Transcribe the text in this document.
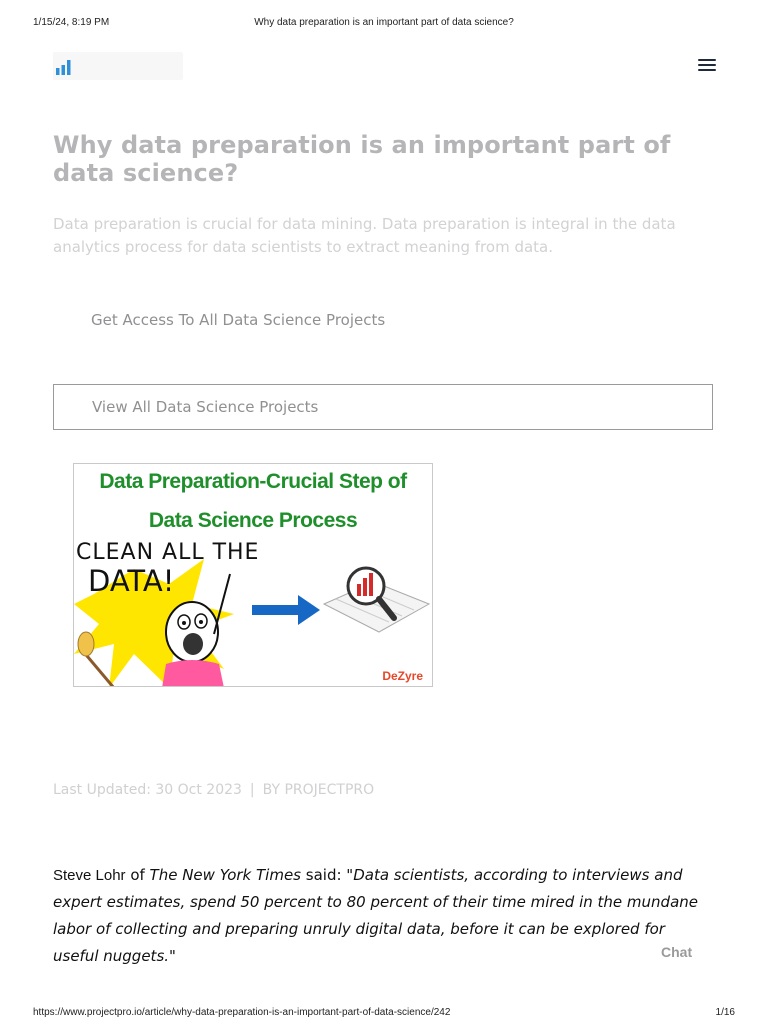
1/15/24, 8:19 PM	Why data preparation is an important part of data science?
Why data preparation is an important part of data science?

Data preparation is crucial for data mining. Data preparation is integral in the data analytics process for data scientists to extract meaning from data.

Get Access To All Data Science Projects
View All Data Science Projects
Data Preparation-Crucial Step of
Data Science Process
CLEAN ALL THE
DATA!
DeZyre
Last Updated: 30 Oct 2023 | BY PROJECTPRO

Steve Lohr of The New York Times said: "Data scientists, according to interviews and expert estimates, spend 50 percent to 80 percent of their time mired in the mundane labor of collecting and preparing unruly digital data, before it can be explored for useful nuggets."	Chat
https://www.projectpro.io/article/why-data-preparation-is-an-important-part-of-data-science/242	1/16
